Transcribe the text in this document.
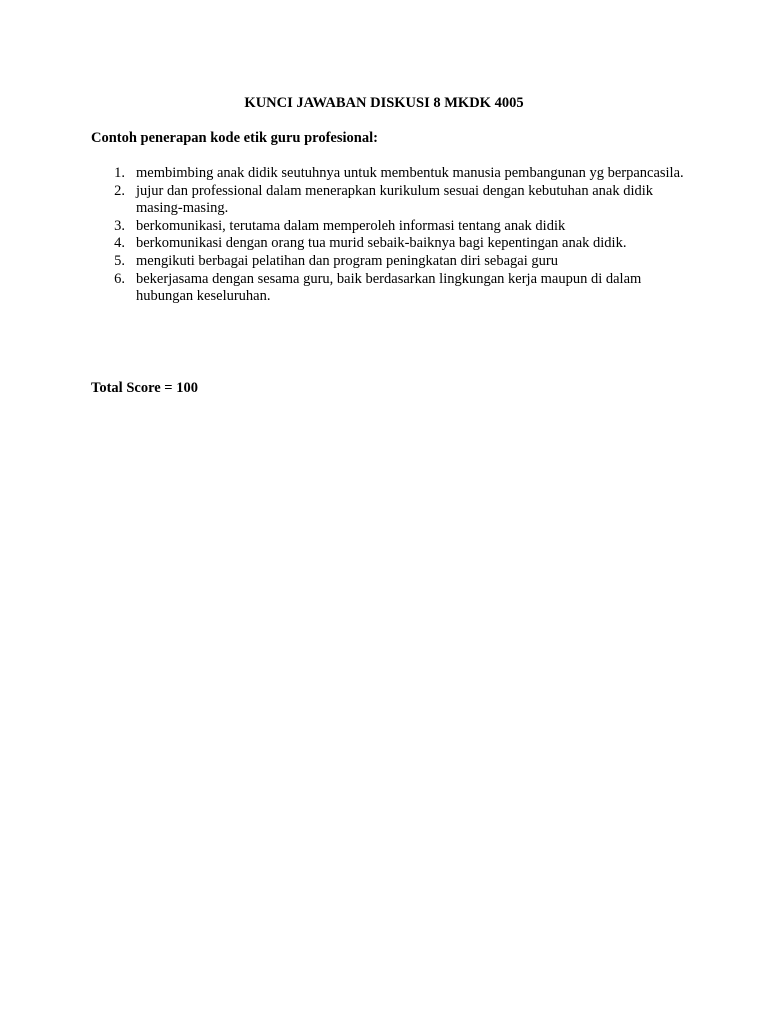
KUNCI JAWABAN DISKUSI 8 MKDK 4005
Contoh penerapan kode etik guru profesional:
1. membimbing anak didik seutuhnya untuk membentuk manusia pembangunan yg berpancasila.
2. jujur dan professional dalam menerapkan kurikulum sesuai dengan kebutuhan anak didik masing-masing.
3. berkomunikasi, terutama dalam memperoleh informasi tentang anak didik
4. berkomunikasi dengan orang tua murid sebaik-baiknya bagi kepentingan anak didik.
5. mengikuti berbagai pelatihan dan program peningkatan diri sebagai guru
6. bekerjasama dengan sesama guru, baik berdasarkan lingkungan kerja maupun di dalam hubungan keseluruhan.
Total Score = 100
